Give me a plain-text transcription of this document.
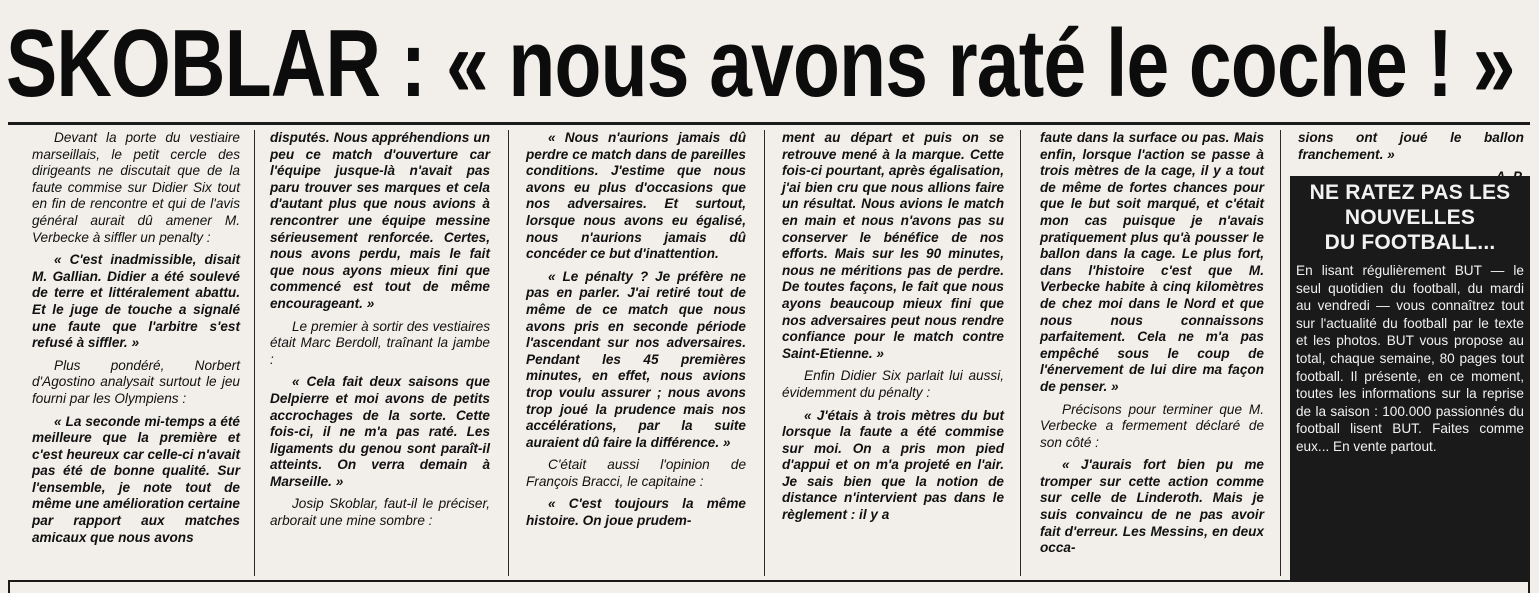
SKOBLAR : « nous avons raté le coche ! »

Devant la porte du vestiaire marseillais, le petit cercle des dirigeants ne discutait que de la faute commise sur Didier Six tout en fin de rencontre et qui de l'avis général aurait dû amener M. Verbecke à siffler un penalty :

« C'est inadmissible, disait M. Gallian. Didier a été soulevé de terre et littéralement abattu. Et le juge de touche a signalé une faute que l'arbitre s'est refusé à siffler. »

Plus pondéré, Norbert d'Agostino analysait surtout le jeu fourni par les Olympiens :

« La seconde mi-temps a été meilleure que la première et c'est heureux car celle-ci n'avait pas été de bonne qualité. Sur l'ensemble, je note tout de même une amélioration certaine par rapport aux matches amicaux que nous avons

disputés. Nous appréhendions un peu ce match d'ouverture car l'équipe jusque-là n'avait pas paru trouver ses marques et cela d'autant plus que nous avions à rencontrer une équipe messine sérieusement renforcée. Certes, nous avons perdu, mais le fait que nous ayons mieux fini que commencé est tout de même encourageant. »

Le premier à sortir des vestiaires était Marc Berdoll, traînant la jambe :

« Cela fait deux saisons que Delpierre et moi avons de petits accrochages de la sorte. Cette fois-ci, il ne m'a pas raté. Les ligaments du genou sont paraît-il atteints. On verra demain à Marseille. »

Josip Skoblar, faut-il le préciser, arborait une mine sombre :

« Nous n'aurions jamais dû perdre ce match dans de pareilles conditions. J'estime que nous avons eu plus d'occasions que nos adversaires. Et surtout, lorsque nous avons eu égalisé, nous n'aurions jamais dû concéder ce but d'inattention.

« Le pénalty ? Je préfère ne pas en parler. J'ai retiré tout de même de ce match que nous avons pris en seconde période l'ascendant sur nos adversaires. Pendant les 45 premières minutes, en effet, nous avions trop voulu assurer ; nous avons trop joué la prudence mais nos accélérations, par la suite auraient dû faire la différence. »

C'était aussi l'opinion de François Bracci, le capitaine :

« C'est toujours la même histoire. On joue prudem-

ment au départ et puis on se retrouve mené à la marque. Cette fois-ci pourtant, après égalisation, j'ai bien cru que nous allions faire un résultat. Nous avions le match en main et nous n'avons pas su conserver le bénéfice de nos efforts. Mais sur les 90 minutes, nous ne méritions pas de perdre. De toutes façons, le fait que nous ayons beaucoup mieux fini que nos adversaires peut nous rendre confiance pour le match contre Saint-Etienne. »

Enfin Didier Six parlait lui aussi, évidemment du pénalty :

« J'étais à trois mètres du but lorsque la faute a été commise sur moi. On a pris mon pied d'appui et on m'a projeté en l'air. Je sais bien que la notion de distance n'intervient pas dans le règlement : il y a

faute dans la surface ou pas. Mais enfin, lorsque l'action se passe à trois mètres de la cage, il y a tout de même de fortes chances pour que le but soit marqué, et c'était mon cas puisque je n'avais pratiquement plus qu'à pousser le ballon dans la cage. Le plus fort, dans l'histoire c'est que M. Verbecke habite à cinq kilomètres de chez moi dans le Nord et que nous nous connaissons parfaitement. Cela ne m'a pas empêché sous le coup de l'énervement de lui dire ma façon de penser. »

Précisons pour terminer que M. Verbecke a fermement déclaré de son côté :

« J'aurais fort bien pu me tromper sur cette action comme sur celle de Linderoth. Mais je suis convaincu de ne pas avoir fait d'erreur. Les Messins, en deux occa-

sions ont joué le ballon franchement. »

NE RATEZ PAS LES
NOUVELLES
DU FOOTBALL...
En lisant régulièrement BUT — le seul quotidien du football, du mardi au vendredi — vous connaîtrez tout sur l'actualité du football par le texte et les photos. BUT vous propose au total, chaque semaine, 80 pages tout football. Il présente, en ce moment, toutes les informations sur la reprise de la saison : 100.000 passionnés du football lisent BUT. Faites comme eux... En vente partout.
